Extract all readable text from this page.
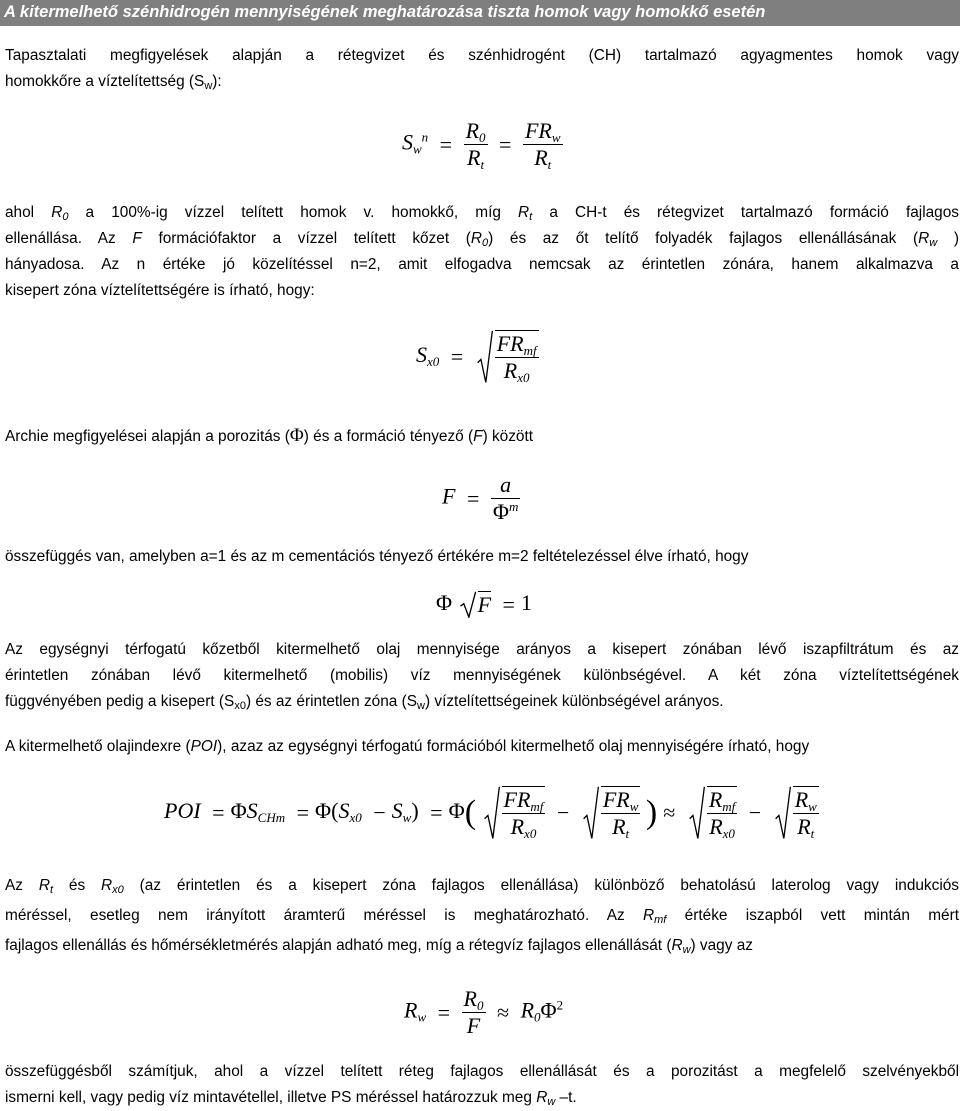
A kitermelhető szénhidrogén mennyiségének meghatározása tiszta homok vagy homokkő esetén
Tapasztalati megfigyelések alapján a rétegvizet és szénhidrogént (CH) tartalmazó agyagmentes homok vagy
homokkőre a víztelítettség $(S_w)$:
$S_w^n = \frac{R_0}{R_t} = \frac{FR_w}{R_t}$
ahol $R_0$ a 100%-ig vízzel telített homok v. homokkő, míg $R_t$ a CH-t és rétegvizet tartalmazó formáció fajlagos
ellenállása. Az F formációfaktor a vízzel telített kőzet $(R_0)$ és az őt telítő folyadék fajlagos ellenállásának ($R_w$ )
hányadosa. Az n értéke jó közelítéssel n=2, amit elfogadva nemcsak az érintetlen zónára, hanem alkalmazva a
kisepert zóna víztelítettségére is írható, hogy:
$S_{x0} = \frac{FR_{mf}}{R_{x0}}$
Archie megfigyelései alapján a porozitás (Φ) és a formáció tényező (F) között
$F = \frac{a}{\Phi^m}$
összefüggés van, amelyben a=1 és az m cementációs tényező értékére m=2 feltételezéssel élve írható, hogy
Φ F = 1
Az egységnyi térfogatú kőzetből kitermelhető olaj mennyisége arányos a kisepert zónában lévő iszapfiltrátum és az
érintetlen zónában lévő kitermelhető (mobilis) víz mennyiségének különbségével. A két zóna víztelítettségének
függvényében pedig a kisepert $(S_{x0})$ és az érintetlen zóna $(S_w)$ víztelítettségeinek különbségével arányos.
A kitermelhető olajindexre (POI), azaz az egységnyi térfogatú formációból kitermelhető olaj mennyiségére írható, hogy
POI = $\Phi S_{CHm} = \Phi(S_{x0} - S_w) = \Phi( \frac{FR_{mf}}{R_{x0}} - \frac{FR_w}{R_t}$ ) ≈ $\frac{R_{mf}}{R_{x0}} - \frac{R_w}{R_t}$
Az $R_t$ és $R_{x0}$ (az érintetlen és a kisepert zóna fajlagos ellenállása) különböző behatolású laterolog vagy indukciós
méréssel, esetleg nem irányított áramterű méréssel is meghatározható. Az $R_{mf}$ értéke iszapból vett mintán mért
fajlagos ellenállás és hőmérsékletmérés alapján adható meg, míg a rétegvíz fajlagos ellenállását $(R_w)$ vagy az
$R_w = \frac{R_0}{F} \approx R_0\Phi^2$
összefüggésből számítjuk, ahol a vízzel telített réteg fajlagos ellenállását és a porozitást a megfelelő szelvényekből
ismerni kell, vagy pedig víz mintavétellel, illetve PS méréssel határozzuk meg $R_w$ –t.
